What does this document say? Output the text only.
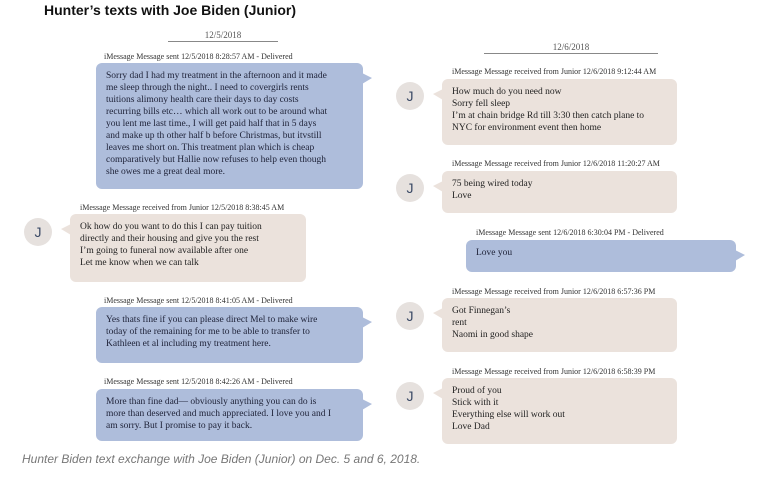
Hunter’s texts with Joe Biden (Junior)
12/5/2018
iMessage Message sent 12/5/2018 8:28:57 AM - Delivered
Sorry dad I had my treatment in the afternoon and it made
me sleep through the night.. I need to covergirls rents
tuitions alimony health care their days to day costs
recurring bills etc… which all work out to be around what
you lent me last time., I will get paid half that in 5 days
and make up th other half b before Christmas, but itvstill
leaves me short on. This treatment plan which is cheap
comparatively but Hallie now refuses to help even though
she owes me a great deal more.
iMessage Message received from Junior 12/5/2018 8:38:45 AM
J	Ok how do you want to do this I can pay tuition
directly and their housing and give you the rest
I’m going to funeral now available after one
Let me know when we can talk
iMessage Message sent 12/5/2018 8:41:05 AM - Delivered
Yes thats fine if you can please direct Mel to make wire
today of the remaining for me to be able to transfer to
Kathleen et al including my treatment here.
iMessage Message sent 12/5/2018 8:42:26 AM - Delivered
More than fine dad— obviously anything you can do is
more than deserved and much appreciated. I love you and I
am sorry. But I promise to pay it back.
12/6/2018
iMessage Message received from Junior 12/6/2018 9:12:44 AM
J	How much do you need now
Sorry fell sleep
I’m at chain bridge Rd till 3:30 then catch plane to
NYC for environment event then home
iMessage Message received from Junior 12/6/2018 11:20:27 AM
J	75 being wired today
Love
iMessage Message sent 12/6/2018 6:30:04 PM - Delivered
Love you
iMessage Message received from Junior 12/6/2018 6:57:36 PM
J	Got Finnegan’s
rent
Naomi in good shape
iMessage Message received from Junior 12/6/2018 6:58:39 PM
J	Proud of you
Stick with it
Everything else will work out
Love Dad
Hunter Biden text exchange with Joe Biden (Junior) on Dec. 5 and 6, 2018.
